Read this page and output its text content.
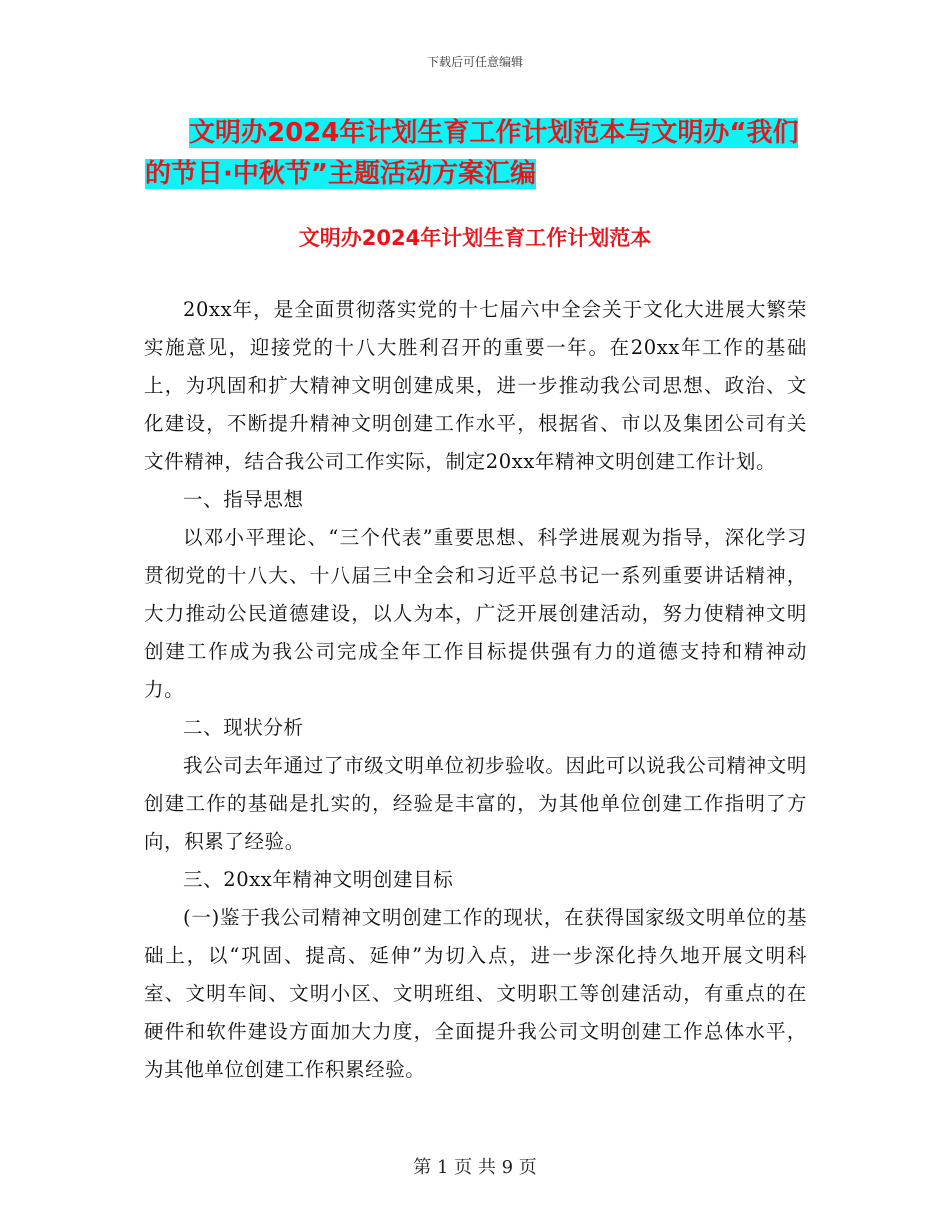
下载后可任意编辑
文明办2024年计划生育工作计划范本与文明办“我们
的节日·中秋节”主题活动方案汇编
文明办2024年计划生育工作计划范本

20xx年，是全面贯彻落实党的十七届六中全会关于文化大进展大繁荣实施意见，迎接党的十八大胜利召开的重要一年。在20xx年工作的基础上，为巩固和扩大精神文明创建成果，进一步推动我公司思想、政治、文化建设，不断提升精神文明创建工作水平，根据省、市以及集团公司有关文件精神，结合我公司工作实际，制定20xx年精神文明创建工作计划。

一、指导思想

以邓小平理论、“三个代表”重要思想、科学进展观为指导，深化学习贯彻党的十八大、十八届三中全会和习近平总书记一系列重要讲话精神，大力推动公民道德建设，以人为本，广泛开展创建活动，努力使精神文明创建工作成为我公司完成全年工作目标提供强有力的道德支持和精神动力。

二、现状分析

我公司去年通过了市级文明单位初步验收。因此可以说我公司精神文明创建工作的基础是扎实的，经验是丰富的，为其他单位创建工作指明了方向，积累了经验。

三、20xx年精神文明创建目标

(一)鉴于我公司精神文明创建工作的现状，在获得国家级文明单位的基础上，以“巩固、提高、延伸”为切入点，进一步深化持久地开展文明科室、文明车间、文明小区、文明班组、文明职工等创建活动，有重点的在硬件和软件建设方面加大力度，全面提升我公司文明创建工作总体水平，为其他单位创建工作积累经验。

第 1 页 共 9 页
